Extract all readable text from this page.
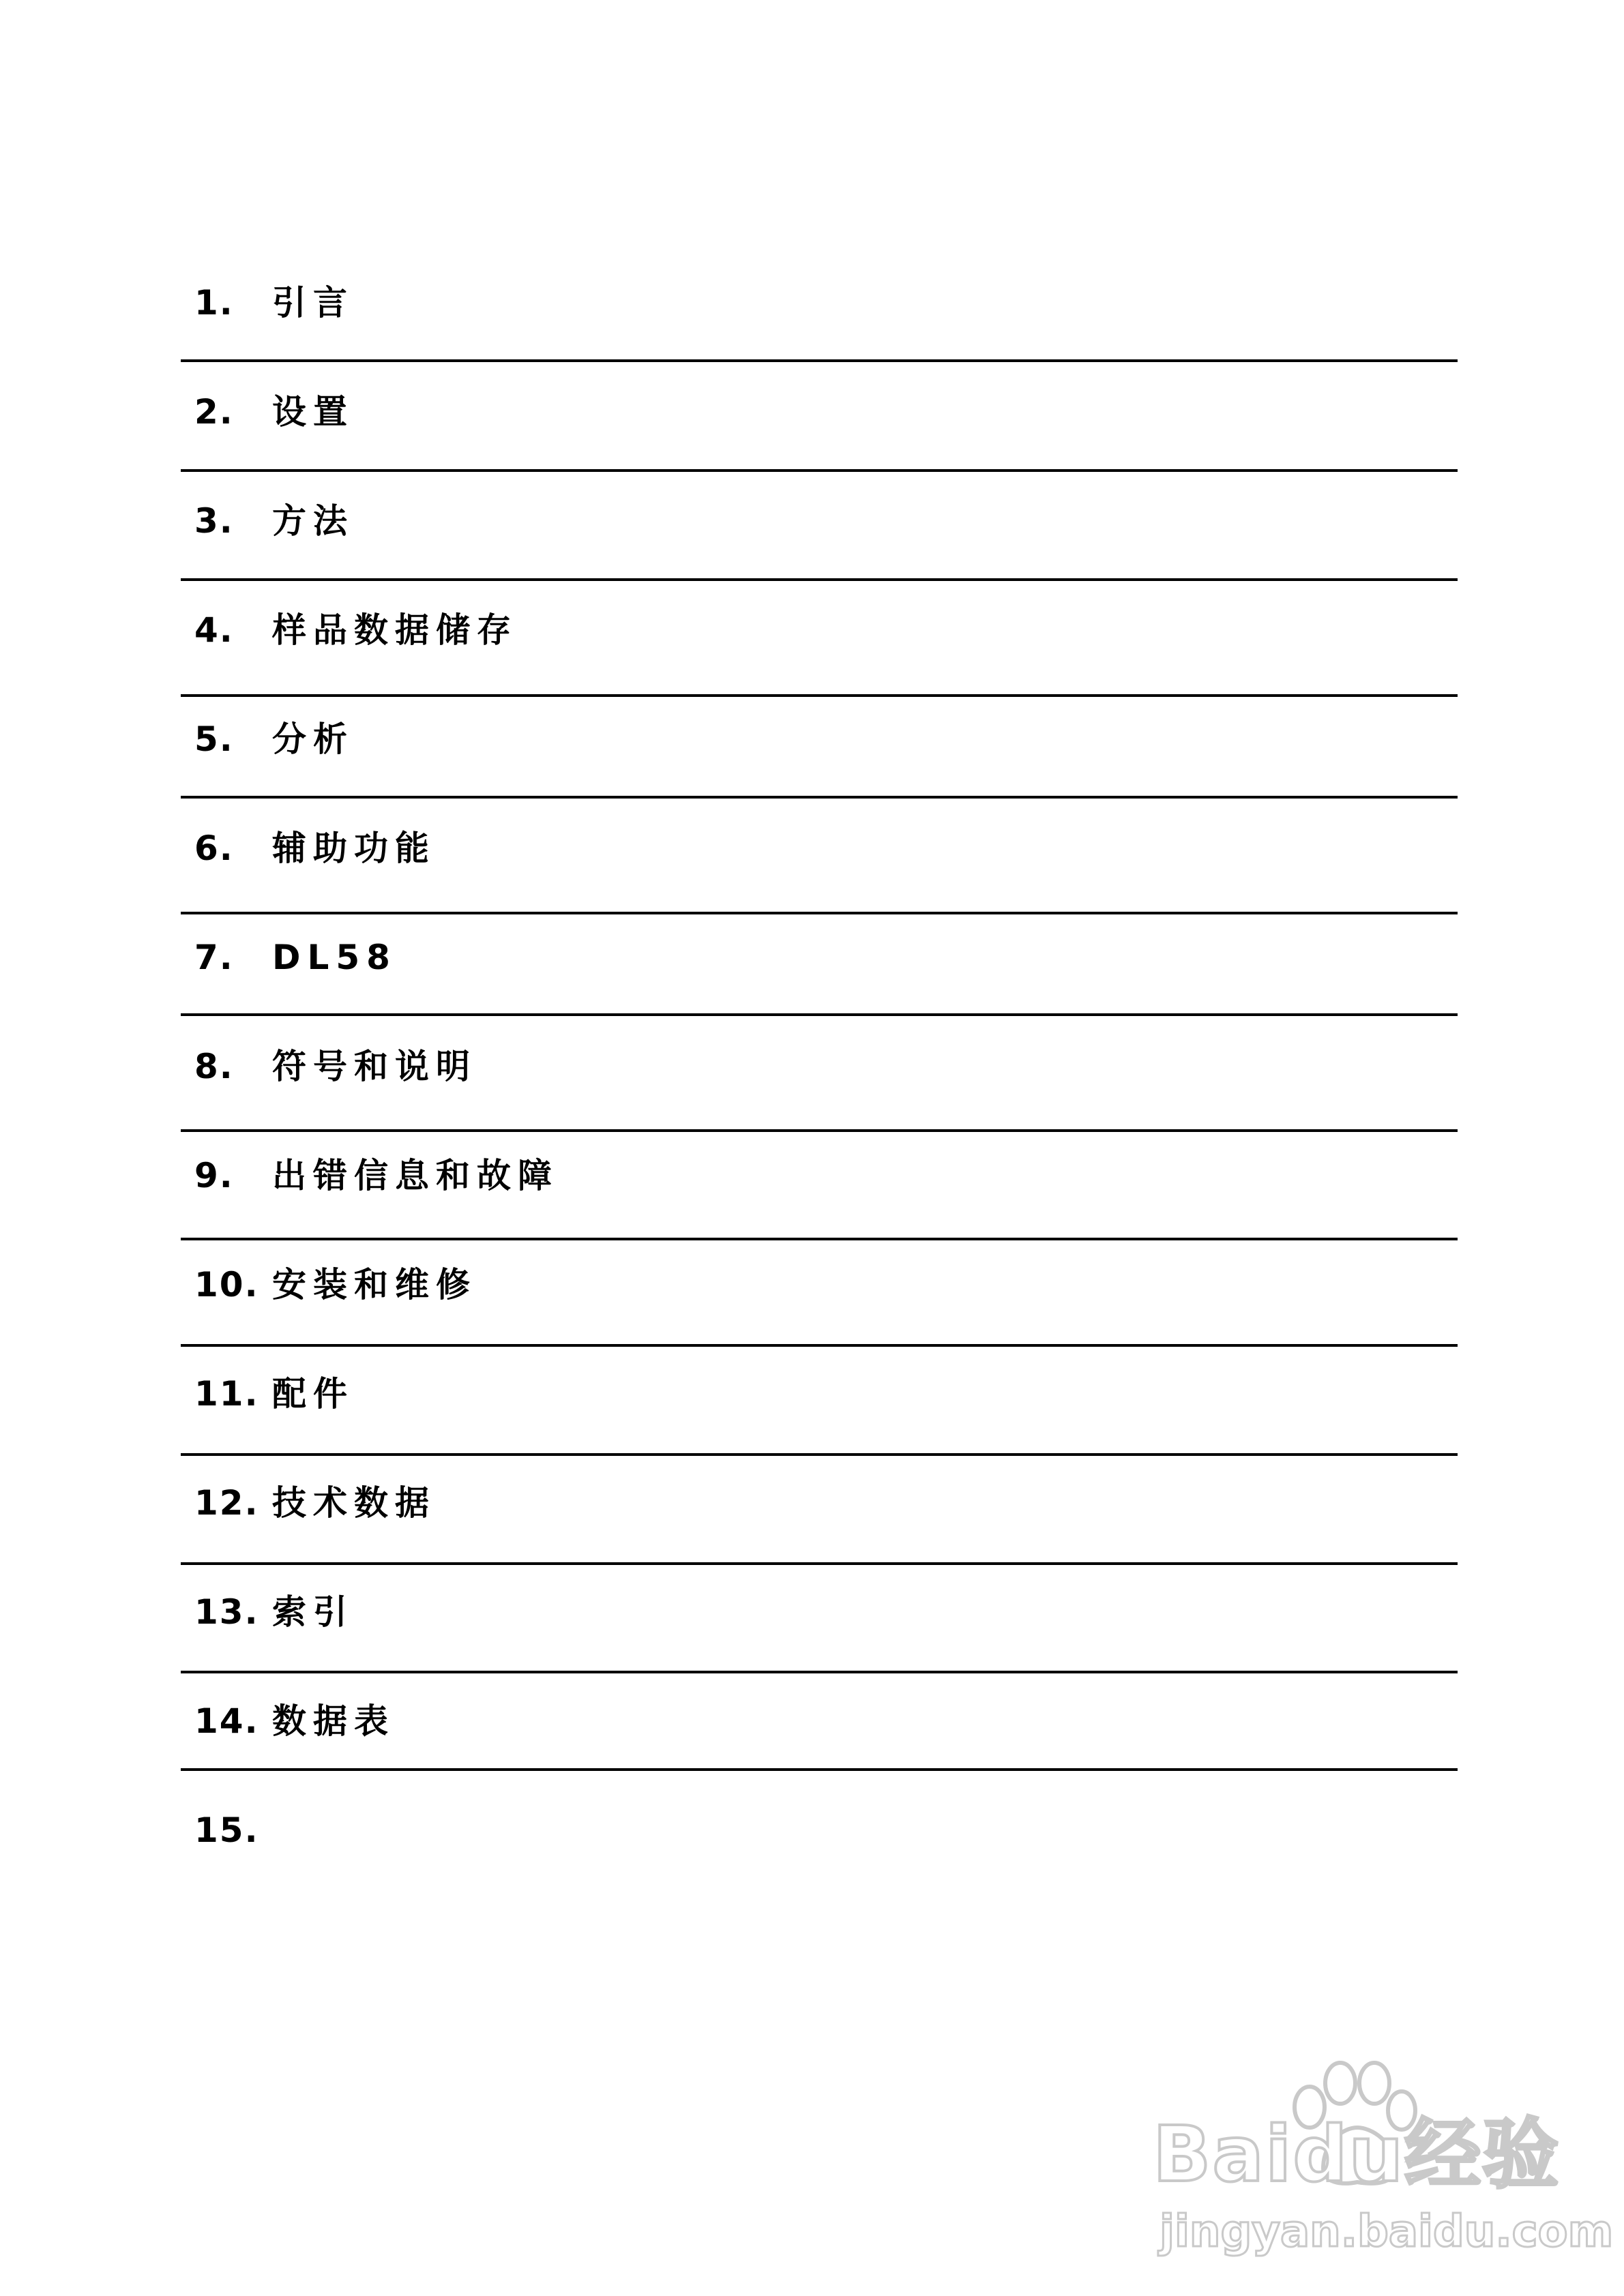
1. 引言
2. 设置
3. 方法
4. 样品数据储存
5. 分析
6. 辅助功能
7. DL58
8. 符号和说明
9. 出错信息和故障
10. 安装和维修
11. 配件
12. 技术数据
13. 索引
14. 数据表
15.
Baidu经验
jingyan.baidu.com
